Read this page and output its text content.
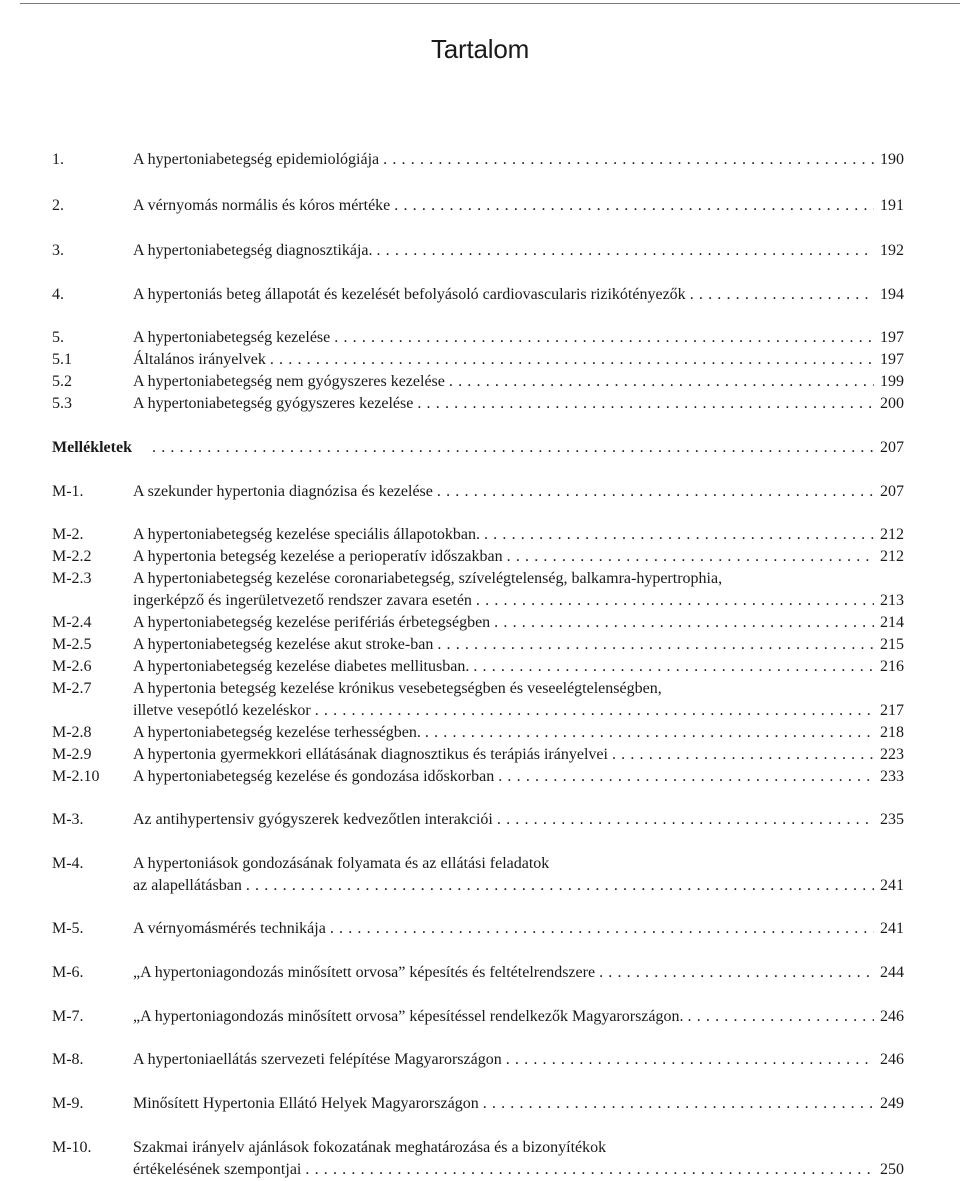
Tartalom
1.	A hypertoniabetegség epidemiológiája . . .	190
2.	A vérnyomás normális és kóros mértéke . . .	191
3.	A hypertoniabetegség diagnosztikája. . . .	192
4.	A hypertoniás beteg állapotát és kezelését befolyásoló cardiovascularis rizikótényezők . . .	194
5.	A hypertoniabetegség kezelése . . .	197
5.1	Általános irányelvek . . .	197
5.2	A hypertoniabetegség nem gyógyszeres kezelése . . .	199
5.3	A hypertoniabetegség gyógyszeres kezelése . . .	200
Mellékletek . . .	207
M-1.	A szekunder hypertonia diagnózisa és kezelése . . .	207
M-2.	A hypertoniabetegség kezelése speciális állapotokban. . . .	212
M-2.2	A hypertonia betegség kezelése a perioperatív időszakban . . .	212
M-2.3	A hypertoniabetegség kezelése coronariabetegség, szívelégtelenség, balkamra-hypertrophia,
ingerképző és ingerületvezető rendszer zavara esetén . . .	213
M-2.4	A hypertoniabetegség kezelése perifériás érbetegségben . . .	214
M-2.5	A hypertoniabetegség kezelése akut stroke-ban . . .	215
M-2.6	A hypertoniabetegség kezelése diabetes mellitusban. . . .	216
M-2.7	A hypertonia betegség kezelése krónikus vesebetegségben és veseelégtelenségben,
illetve vesepótló kezeléskor . . .	217
M-2.8	A hypertoniabetegség kezelése terhességben. . . .	218
M-2.9	A hypertonia gyermekkori ellátásának diagnosztikus és terápiás irányelvei . . .	223
M-2.10	A hypertoniabetegség kezelése és gondozása időskorban . . .	233
M-3.	Az antihypertensiv gyógyszerek kedvezőtlen interakciói . . .	235
M-4.	A hypertoniások gondozásának folyamata és az ellátási feladatok
az alapellátásban . . .	241
M-5.	A vérnyomásmérés technikája . . .	241
M-6.	„A hypertoniagondozás minősített orvosa” képesítés és feltételrendszere . . .	244
M-7.	„A hypertoniagondozás minősített orvosa” képesítéssel rendelkezők Magyarországon. . . .	246
M-8.	A hypertoniaellátás szervezeti felépítése Magyarországon . . .	246
M-9.	Minősített Hypertonia Ellátó Helyek Magyarországon . . .	249
M-10.	Szakmai irányelv ajánlások fokozatának meghatározása és a bizonyítékok
értékelésének szempontjai . . .	250
